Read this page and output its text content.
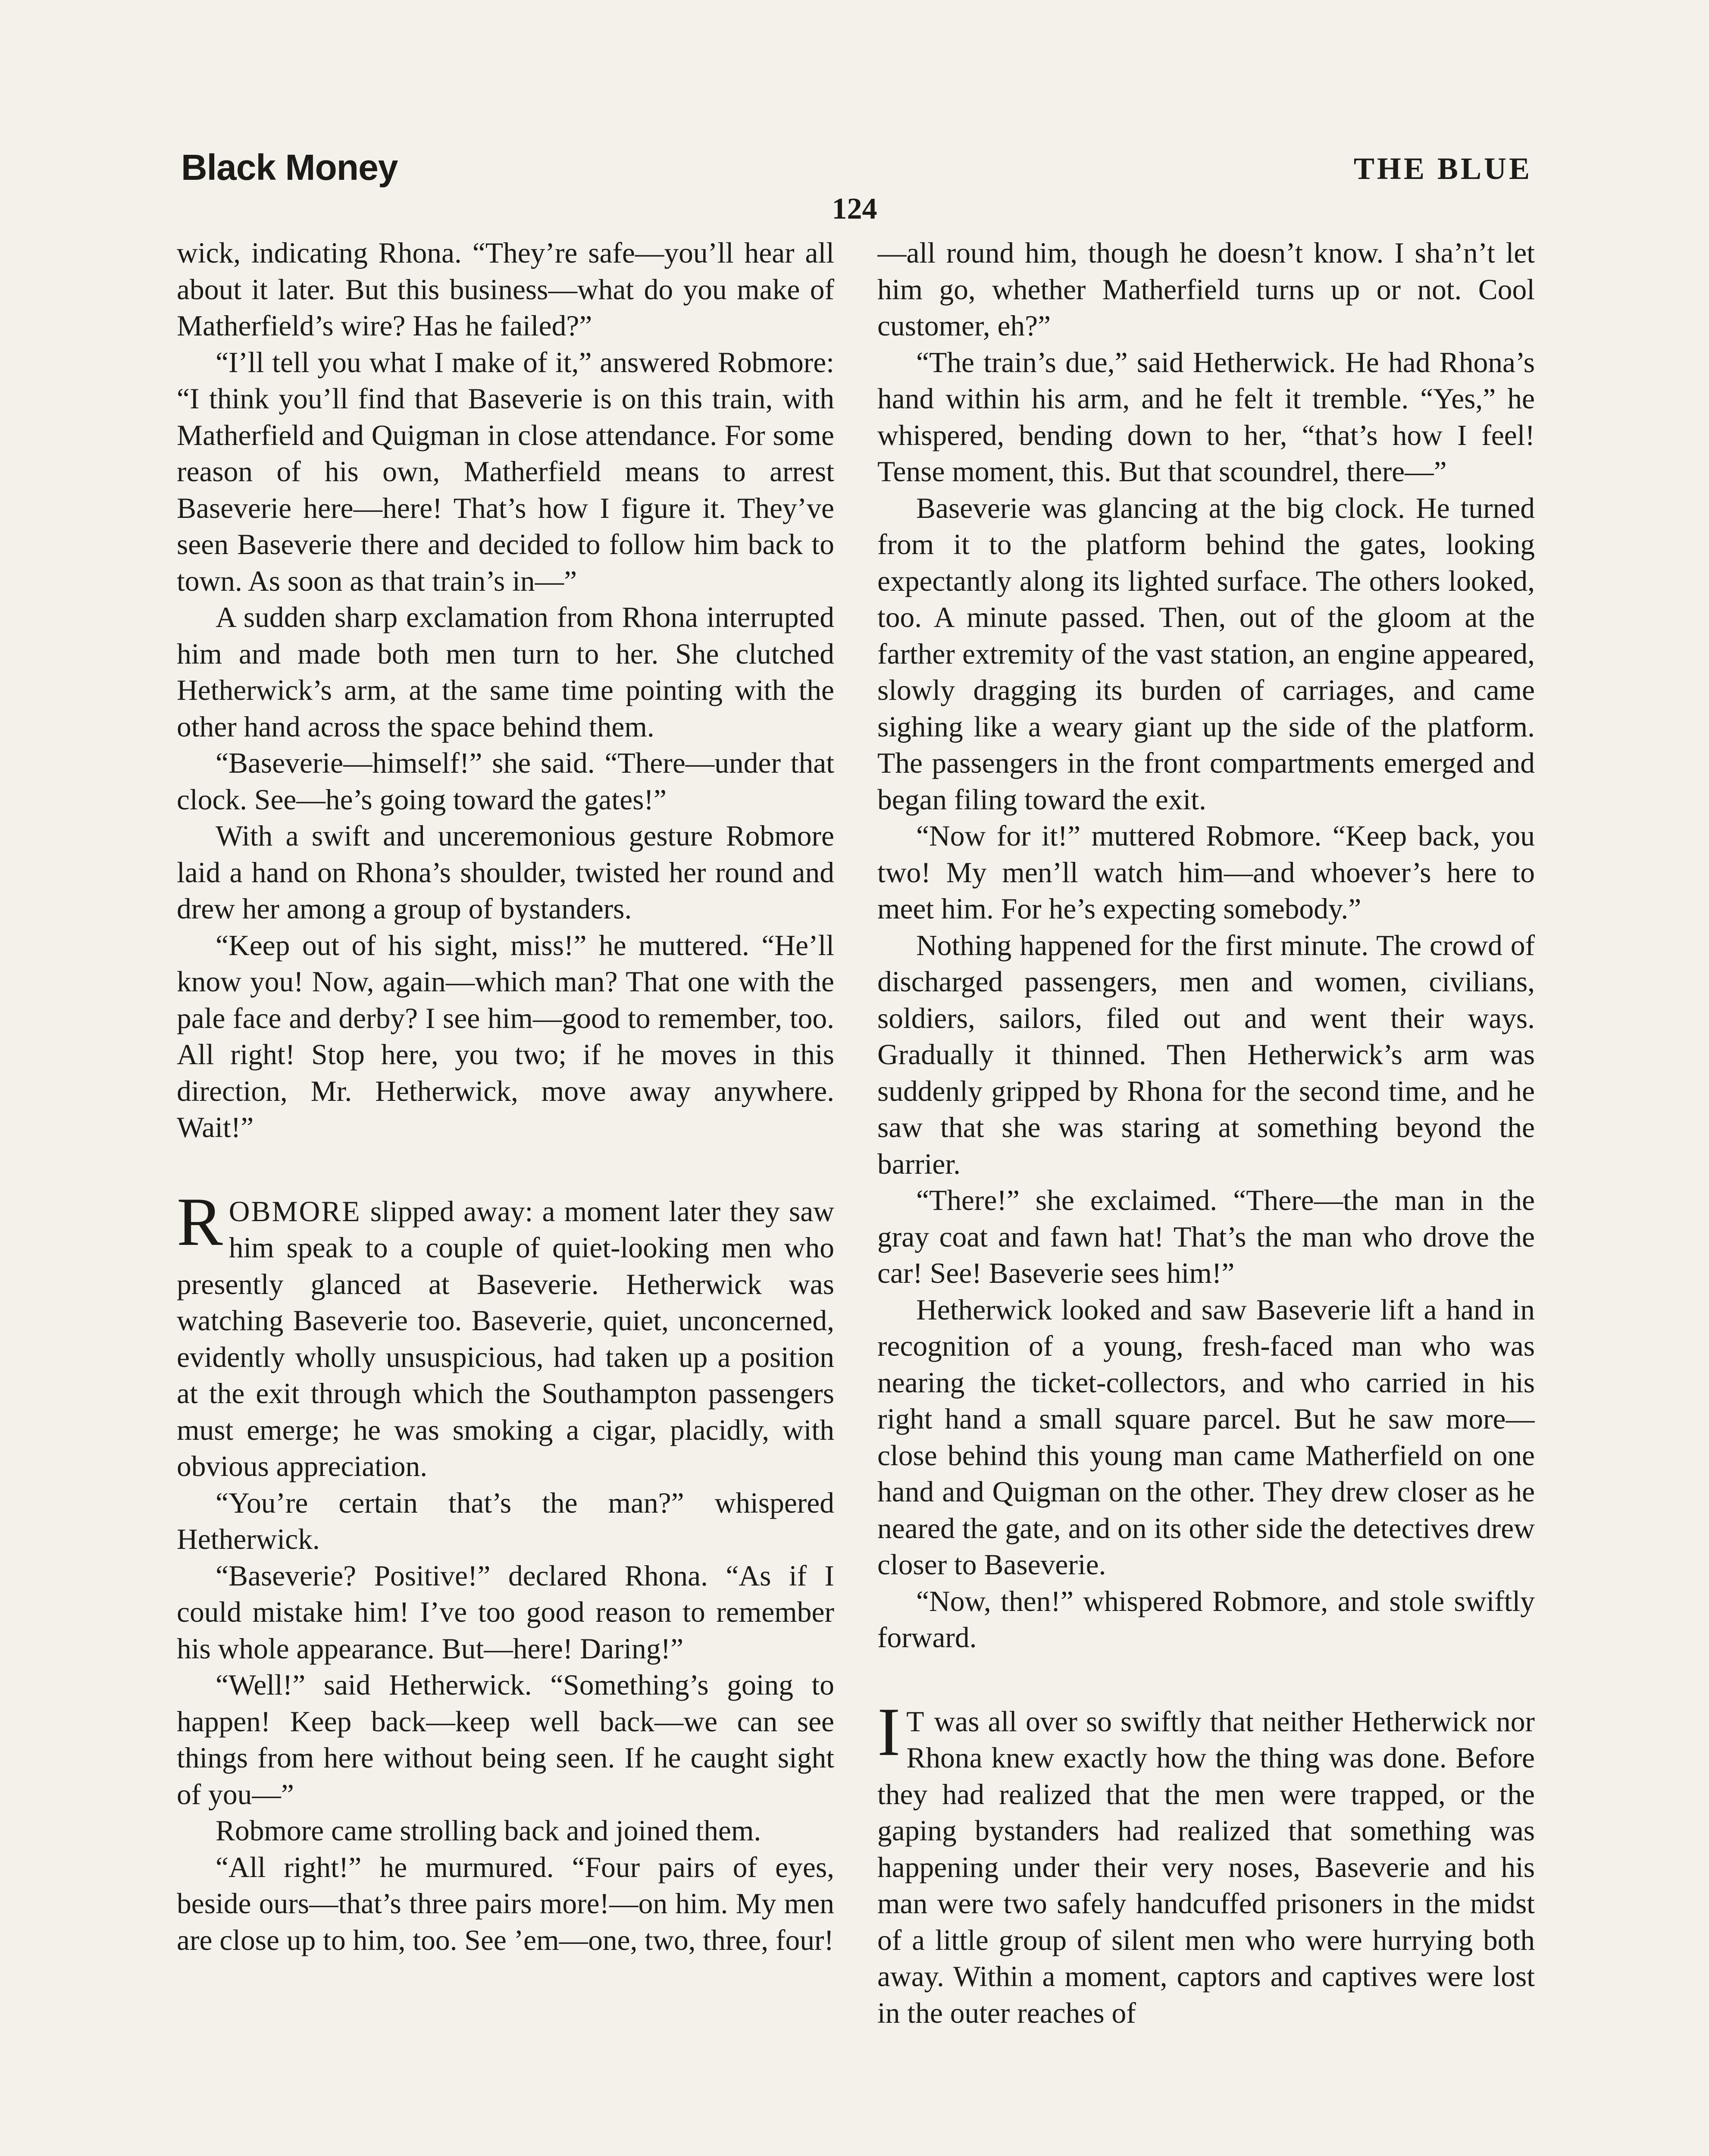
Black Money	THE BLUE
124

wick, indicating Rhona. “They’re safe—you’ll hear all about it later. But this business—what do you make of Matherfield’s wire? Has he failed?”

“I’ll tell you what I make of it,” answered Robmore: “I think you’ll find that Baseverie is on this train, with Matherfield and Quigman in close attendance. For some reason of his own, Matherfield means to arrest Baseverie here—here! That’s how I figure it. They’ve seen Baseverie there and decided to follow him back to town. As soon as that train’s in—”

A sudden sharp exclamation from Rhona interrupted him and made both men turn to her. She clutched Hetherwick’s arm, at the same time pointing with the other hand across the space behind them.

“Baseverie—himself!” she said. “There—under that clock. See—he’s going toward the gates!”

With a swift and unceremonious gesture Robmore laid a hand on Rhona’s shoulder, twisted her round and drew her among a group of bystanders.

“Keep out of his sight, miss!” he muttered. “He’ll know you! Now, again—which man? That one with the pale face and derby? I see him—good to remember, too. All right! Stop here, you two; if he moves in this direction, Mr. Hetherwick, move away anywhere. Wait!”

ROBMORE slipped away: a moment later they saw him speak to a couple of quiet-looking men who presently glanced at Baseverie. Hetherwick was watching Baseverie too. Baseverie, quiet, unconcerned, evidently wholly unsuspicious, had taken up a position at the exit through which the Southampton passengers must emerge; he was smoking a cigar, placidly, with obvious appreciation.

“You’re certain that’s the man?” whispered Hetherwick.

“Baseverie? Positive!” declared Rhona. “As if I could mistake him! I’ve too good reason to remember his whole appearance. But—here! Daring!”

“Well!” said Hetherwick. “Something’s going to happen! Keep back—keep well back—we can see things from here without being seen. If he caught sight of you—”

Robmore came strolling back and joined them.

“All right!” he murmured. “Four pairs of eyes, beside ours—that’s three pairs more!—on him. My men are close up to him, too. See ’em—one, two, three, four!

—all round him, though he doesn’t know. I sha’n’t let him go, whether Matherfield turns up or not. Cool customer, eh?”

“The train’s due,” said Hetherwick. He had Rhona’s hand within his arm, and he felt it tremble. “Yes,” he whispered, bending down to her, “that’s how I feel! Tense moment, this. But that scoundrel, there—”

Baseverie was glancing at the big clock. He turned from it to the platform behind the gates, looking expectantly along its lighted surface. The others looked, too. A minute passed. Then, out of the gloom at the farther extremity of the vast station, an engine appeared, slowly dragging its burden of carriages, and came sighing like a weary giant up the side of the platform. The passengers in the front compartments emerged and began filing toward the exit.

“Now for it!” muttered Robmore. “Keep back, you two! My men’ll watch him—and whoever’s here to meet him. For he’s expecting somebody.”

Nothing happened for the first minute. The crowd of discharged passengers, men and women, civilians, soldiers, sailors, filed out and went their ways. Gradually it thinned. Then Hetherwick’s arm was suddenly gripped by Rhona for the second time, and he saw that she was staring at something beyond the barrier.

“There!” she exclaimed. “There—the man in the gray coat and fawn hat! That’s the man who drove the car! See! Baseverie sees him!”

Hetherwick looked and saw Baseverie lift a hand in recognition of a young, fresh-faced man who was nearing the ticket-collectors, and who carried in his right hand a small square parcel. But he saw more—close behind this young man came Matherfield on one hand and Quigman on the other. They drew closer as he neared the gate, and on its other side the detectives drew closer to Baseverie.

“Now, then!” whispered Robmore, and stole swiftly forward.

I T was all over so swiftly that neither Hetherwick nor Rhona knew exactly how the thing was done. Before they had realized that the men were trapped, or the gaping bystanders had realized that something was happening under their very noses, Baseverie and his man were two safely handcuffed prisoners in the midst of a little group of silent men who were hurrying both away. Within a moment, captors and captives were lost in the outer reaches of
